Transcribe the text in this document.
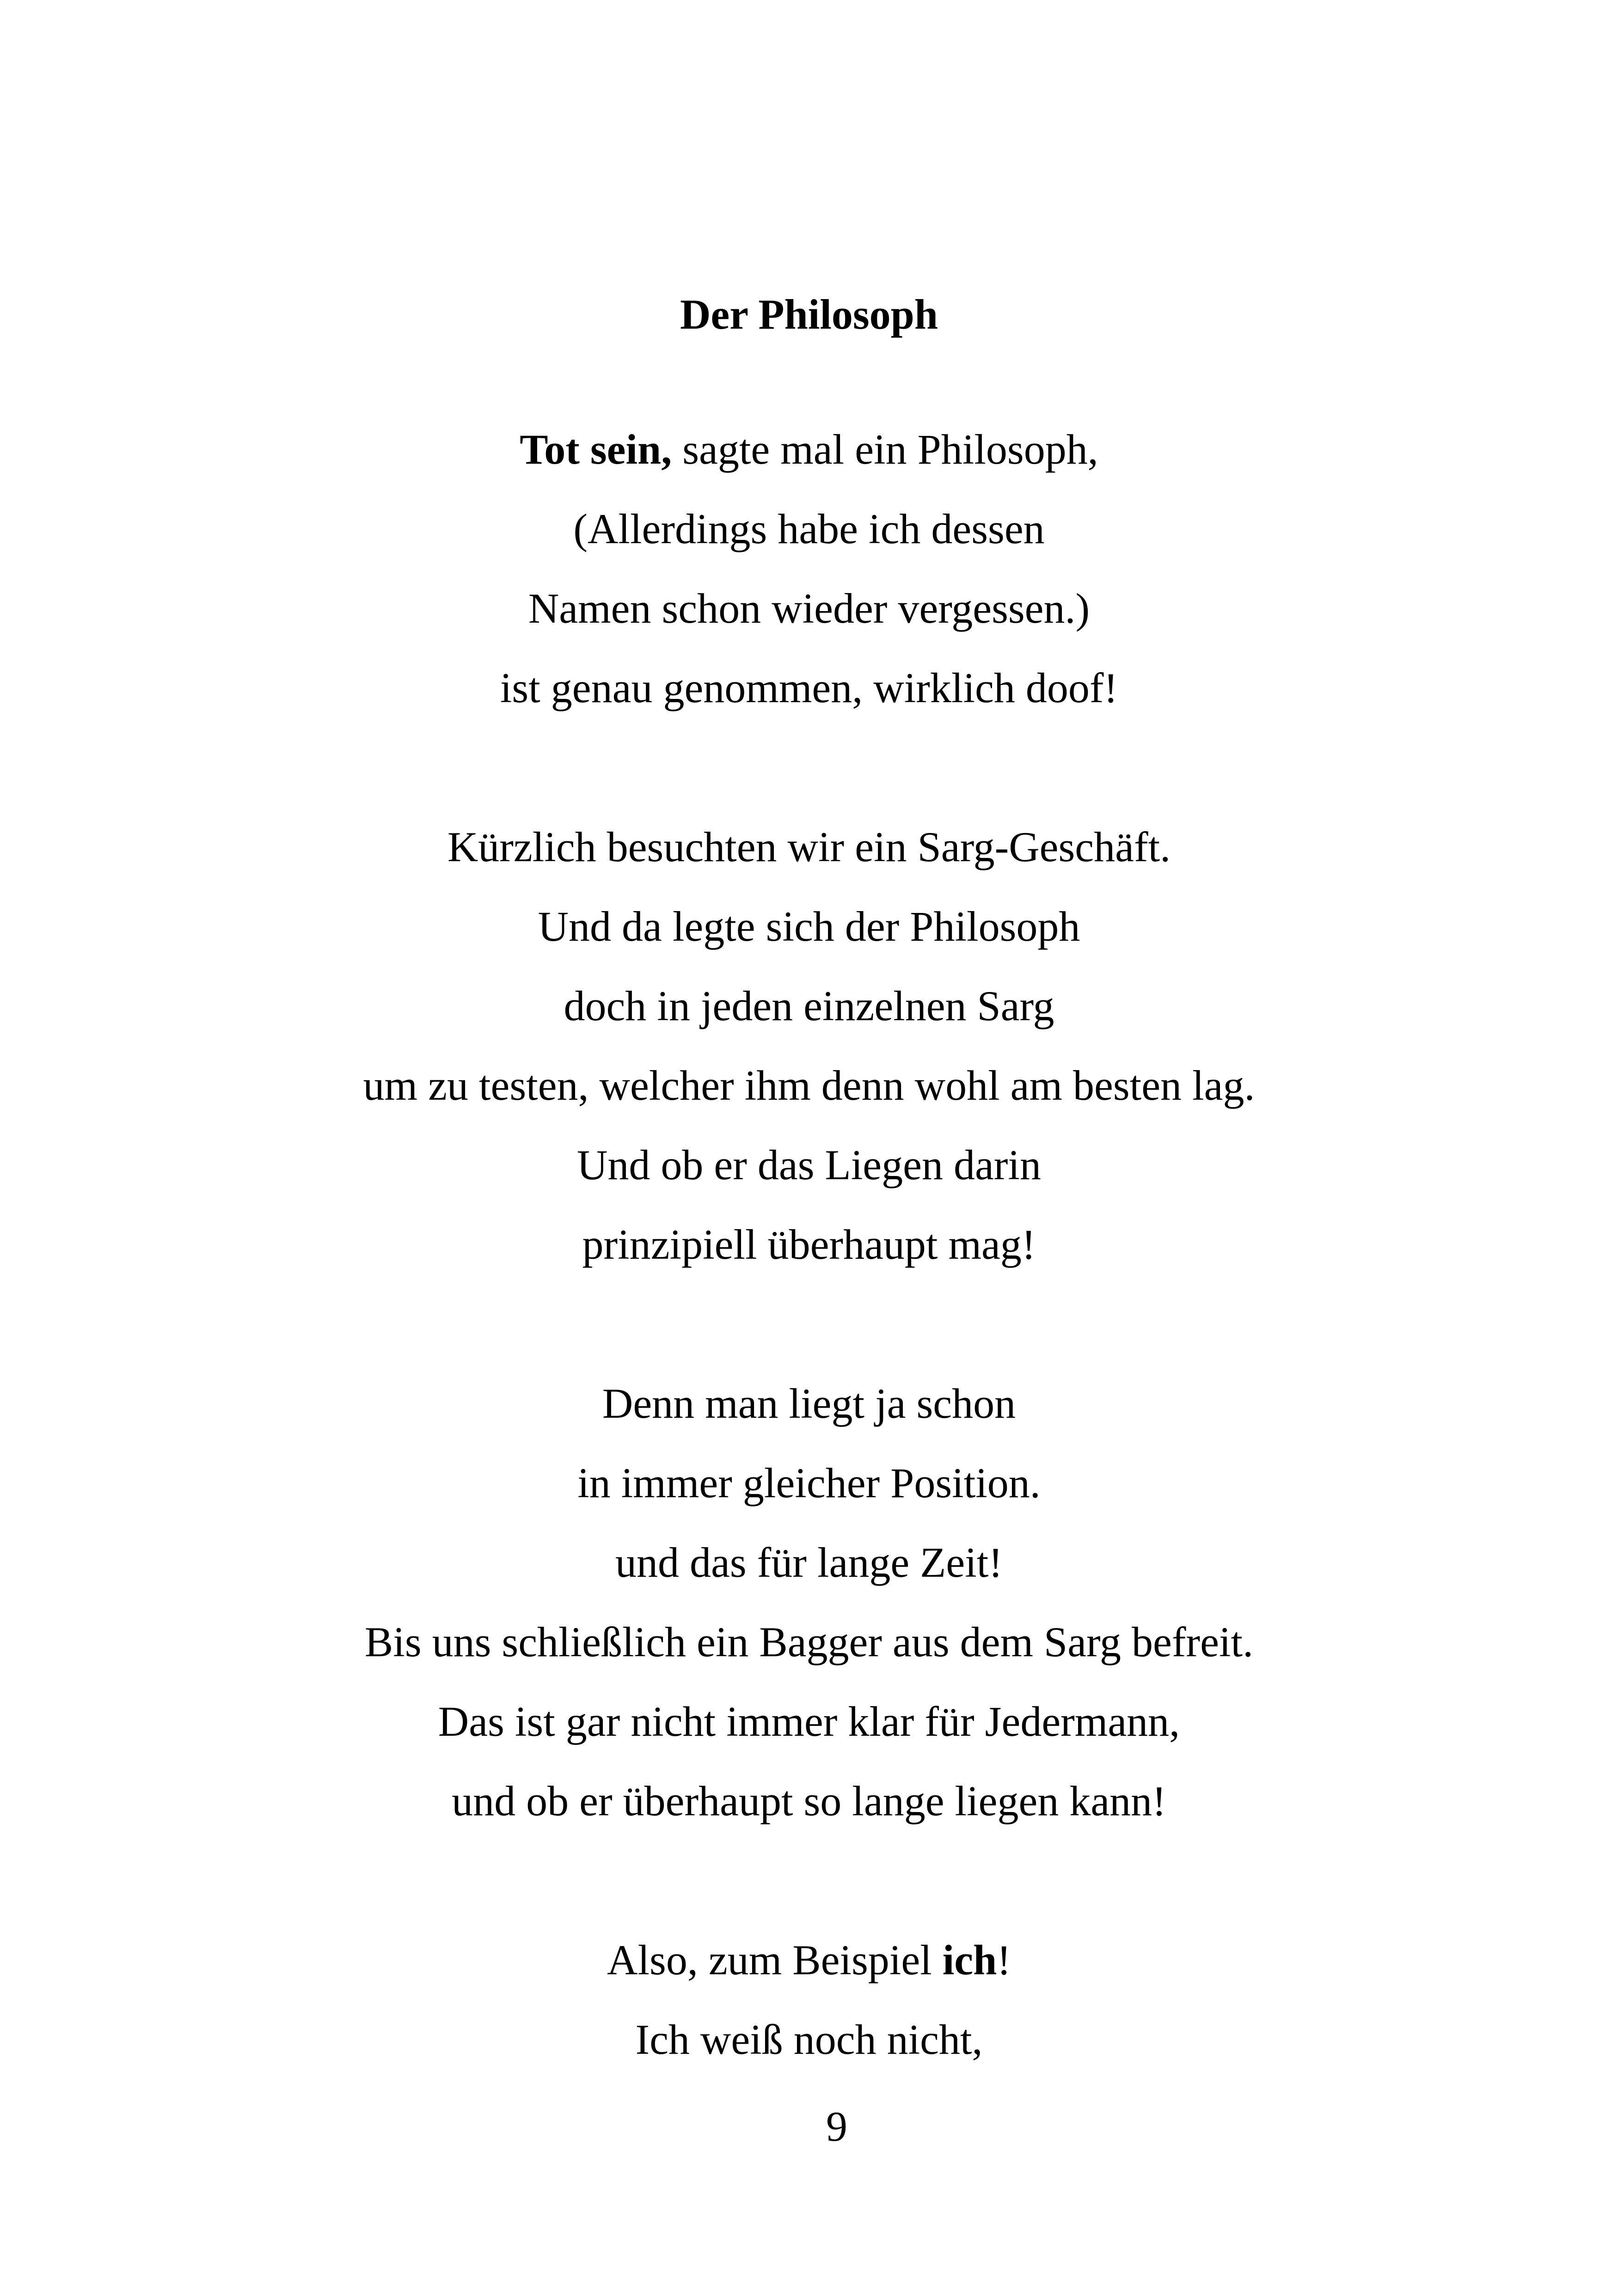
Der Philosoph
Tot sein, sagte mal ein Philosoph,
(Allerdings habe ich dessen
Namen schon wieder vergessen.)
ist genau genommen, wirklich doof!
Kürzlich besuchten wir ein Sarg-Geschäft.
Und da legte sich der Philosoph
doch in jeden einzelnen Sarg
um zu testen, welcher ihm denn wohl am besten lag.
Und ob er das Liegen darin
prinzipiell überhaupt mag!
Denn man liegt ja schon
in immer gleicher Position.
und das für lange Zeit!
Bis uns schließlich ein Bagger aus dem Sarg befreit.
Das ist gar nicht immer klar für Jedermann,
und ob er überhaupt so lange liegen kann!
Also, zum Beispiel ich!
Ich weiß noch nicht,
9
